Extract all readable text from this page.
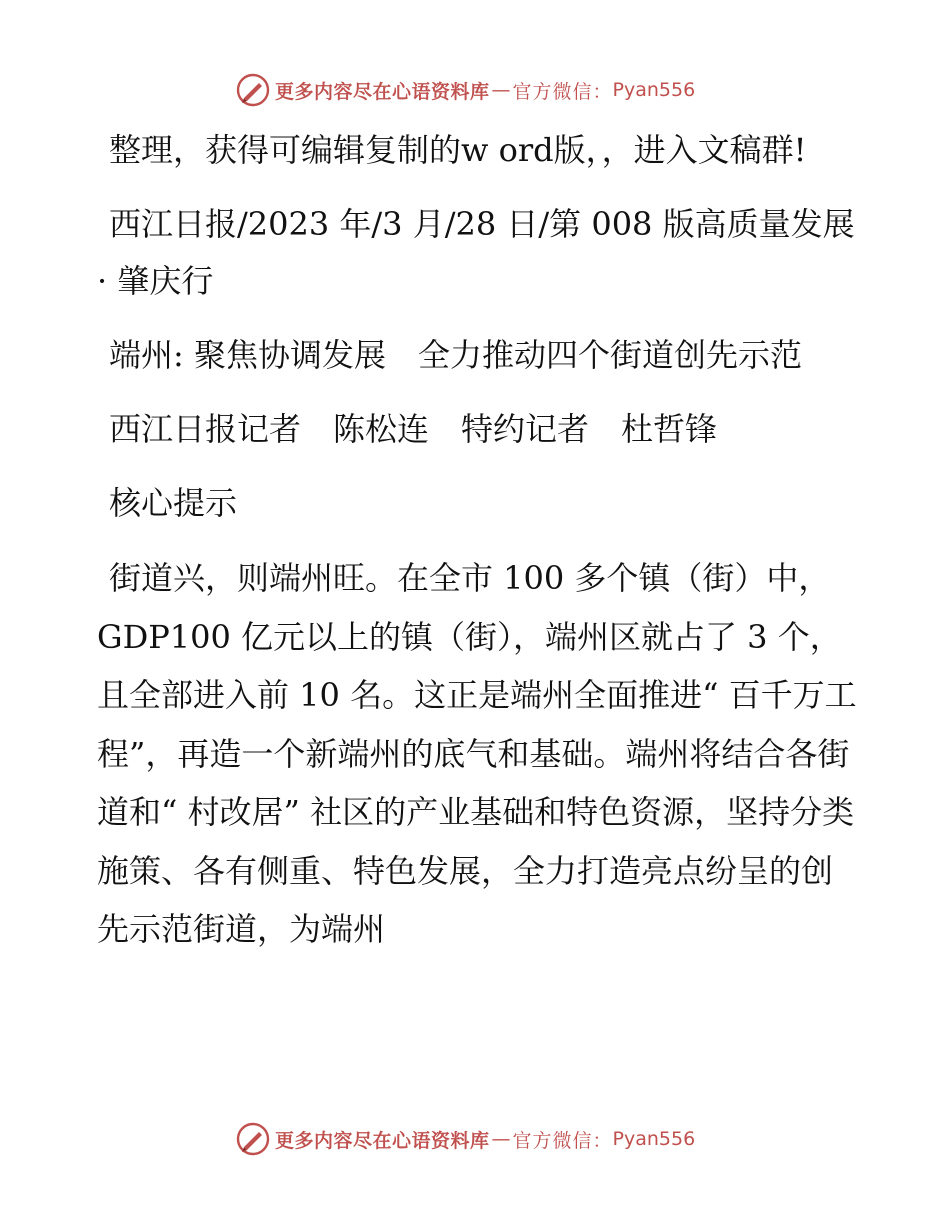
更多内容尽在心语资料库 — 官方微信： Pyan556

整理，获得可编辑复制的w ord版，，进入文稿群!

西江日报/2023 年/3 月/28 日/第 008 版高质量发展· 肇庆行

端州: 聚焦协调发展　全力推动四个街道创先示范

西江日报记者　陈松连　特约记者　杜哲锋

核心提示

街道兴，则端州旺。在全市 100 多个镇（街）中，GDP100 亿元以上的镇（街），端州区就占了 3 个，且全部进入前 10 名。这正是端州全面推进“ 百千万工程”，再造一个新端州的底气和基础。端州将结合各街道和“ 村改居” 社区的产业基础和特色资源，坚持分类施策、各有侧重、特色发展，全力打造亮点纷呈的创先示范街道，为端州

更多内容尽在心语资料库 — 官方微信： Pyan556
